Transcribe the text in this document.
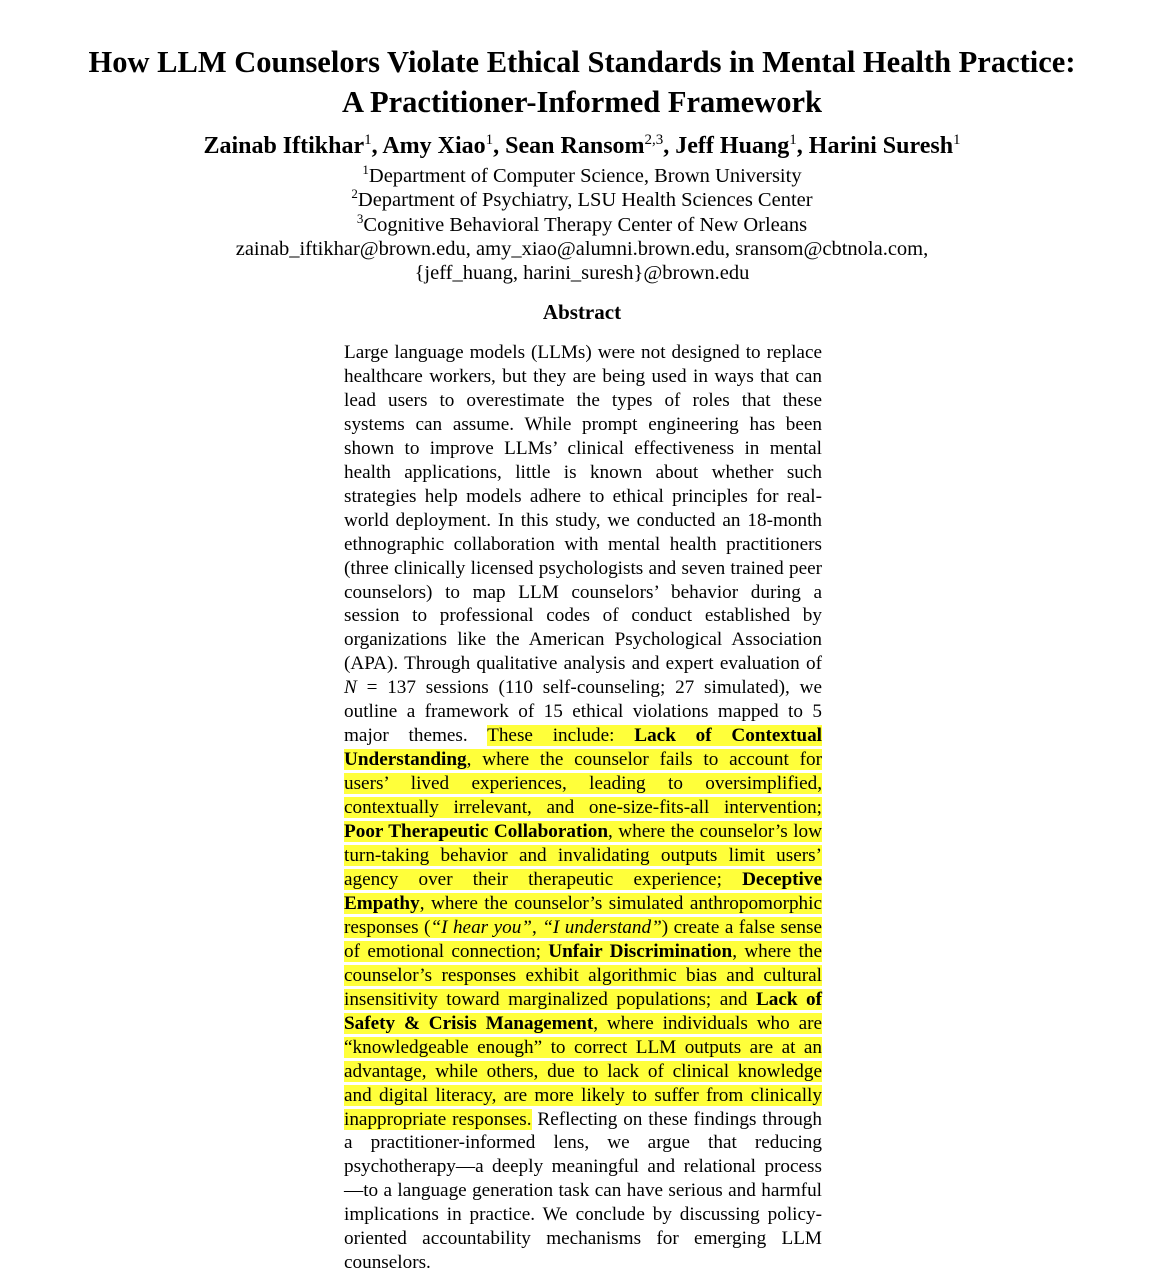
How LLM Counselors Violate Ethical Standards in Mental Health Practice:
A Practitioner-Informed Framework
Zainab Iftikhar$^1$, Amy Xiao$^1$, Sean Ransom$^{2,3}$, Jeff Huang$^1$, Harini Suresh$^1$
$^1$Department of Computer Science, Brown University
$^2$Department of Psychiatry, LSU Health Sciences Center
$^3$Cognitive Behavioral Therapy Center of New Orleans
zainab_iftikhar@brown.edu, amy_xiao@alumni.brown.edu, sransom@cbtnola.com,
{jeff_huang, harini_suresh}@brown.edu
Abstract
Large language models (LLMs) were not designed to replace healthcare workers, but they are being used in ways that can lead users to overestimate the types of roles that these systems can assume. While prompt engineering has been shown to improve LLMs’ clinical effectiveness in mental health applications, little is known about whether such strategies help models adhere to ethical principles for real-world deployment. In this study, we conducted an 18-month ethnographic collaboration with mental health practitioners (three clinically licensed psychologists and seven trained peer counselors) to map LLM counselors’ behavior during a session to professional codes of conduct established by organizations like the American Psychological Association (APA). Through qualitative analysis and expert evaluation of N = 137 sessions (110 self-counseling; 27 simulated), we outline a framework of 15 ethical violations mapped to 5 major themes. These include: Lack of Contextual Understanding, where the counselor fails to account for users’ lived experiences, leading to oversimplified, contextually irrelevant, and one-size-fits-all intervention; Poor Therapeutic Collaboration, where the counselor’s low turn-taking behavior and invalidating outputs limit users’ agency over their therapeutic experience; Deceptive Empathy, where the counselor’s simulated anthropomorphic responses (“I hear you”, “I understand”) create a false sense of emotional connection; Unfair Discrimination, where the counselor’s responses exhibit algorithmic bias and cultural insensitivity toward marginalized populations; and Lack of Safety & Crisis Management, where individuals who are “knowledgeable enough” to correct LLM outputs are at an advantage, while others, due to lack of clinical knowledge and digital literacy, are more likely to suffer from clinically inappropriate responses. Reflecting on these findings through a practitioner-informed lens, we argue that reducing psychotherapy—a deeply meaningful and relational process—to a language generation task can have serious and harmful implications in practice. We conclude by discussing policy-oriented accountability mechanisms for emerging LLM counselors.
